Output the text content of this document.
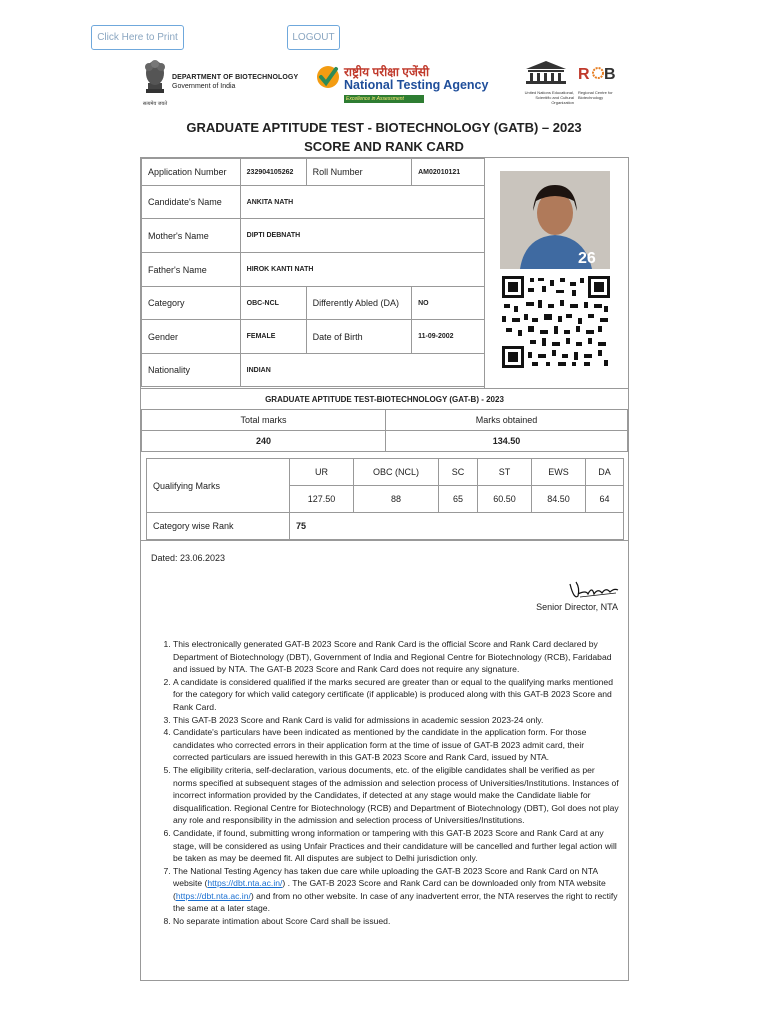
Click Here to Print	LOGOUT
सत्यमेव जयते
DEPARTMENT OF BIOTECHNOLOGY
Government of India
राष्ट्रीय परीक्षा एजेंसी
National Testing Agency
Excellence in Assessment
United Nations Educational, Scientific and Cultural Organization
R B
Regional Centre for Biotechnology
GRADUATE APTITUDE TEST - BIOTECHNOLOGY (GATB) – 2023
SCORE AND RANK CARD
Application Number	232904105262	Roll Number	AM02010121
Candidate's Name	ANKITA NATH		
Mother's Name	DIPTI DEBNATH		
Father's Name	HIROK KANTI NATH		
Category	OBC-NCL	Differently Abled (DA)	NO
Gender	FEMALE	Date of Birth	11-09-2002
Nationality	INDIAN		
26
GRADUATE APTITUDE TEST-BIOTECHNOLOGY (GAT-B) - 2023
Total marks	Marks obtained
240	134.50
Qualifying Marks	UR	OBC (NCL)	SC	ST	EWS	DA
	127.50	88	65	60.50	84.50	64
Category wise Rank	75					
Dated: 23.06.2023
Senior Director, NTA
1. This electronically generated GAT-B 2023 Score and Rank Card is the official Score and Rank Card declared by Department of Biotechnology (DBT), Government of India and Regional Centre for Biotechnology (RCB), Faridabad and issued by NTA. The GAT-B 2023 Score and Rank Card does not require any signature.
2. A candidate is considered qualified if the marks secured are greater than or equal to the qualifying marks mentioned for the category for which valid category certificate (if applicable) is produced along with this GAT-B 2023 Score and Rank Card.
3. This GAT-B 2023 Score and Rank Card is valid for admissions in academic session 2023-24 only.
4. Candidate's particulars have been indicated as mentioned by the candidate in the application form. For those candidates who corrected errors in their application form at the time of issue of GAT-B 2023 admit card, their corrected particulars are issued herewith in this GAT-B 2023 Score and Rank Card, issued by NTA.
5. The eligibility criteria, self-declaration, various documents, etc. of the eligible candidates shall be verified as per norms specified at subsequent stages of the admission and selection process of Universities/Institutions. Instances of incorrect information provided by the Candidates, if detected at any stage would make the Candidate liable for disqualification. Regional Centre for Biotechnology (RCB) and Department of Biotechnology (DBT), GoI does not play any role and responsibility in the admission and selection process of Universities/Institutions.
6. Candidate, if found, submitting wrong information or tampering with this GAT-B 2023 Score and Rank Card at any stage, will be considered as using Unfair Practices and their candidature will be cancelled and further legal action will be taken as may be deemed fit. All disputes are subject to Delhi jurisdiction only.
7. The National Testing Agency has taken due care while uploading the GAT-B 2023 Score and Rank Card on NTA website (https://dbt.nta.ac.in/) . The GAT-B 2023 Score and Rank Card can be downloaded only from NTA website (https://dbt.nta.ac.in/) and from no other website. In case of any inadvertent error, the NTA reserves the right to rectify the same at a later stage.
8. No separate intimation about Score Card shall be issued.
